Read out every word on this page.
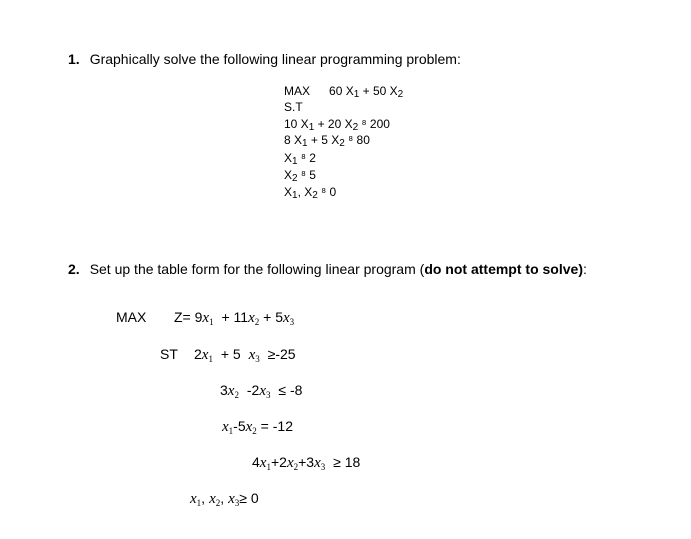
1. Graphically solve the following linear programming problem:
MAX 60 $X_1 + 50$ $X_2$
S.T
10 $X_1 + 20$ $X_2$ ⁸ 200
8 $X_1 + 5$ $X_2$ ⁸ 80
$X_1$ ⁸ 2
$X_2$ ⁸ 5
$X_1$, $X_2$ ⁸ 0
2. Set up the table form for the following linear program (do not attempt to solve):
MAX $Z= 9x_1 + 11x_2 + 5x_3$
ST $2x_1 + 5$ $x_3 \ge-25$
$3x_2$ $-2x_3 \le -8$
$x_1-5x_2 = -12$
$4x_1+2x_2+3x_3 \ge 18$
$x_1$, $x_2$, $x_3\ge 0$
